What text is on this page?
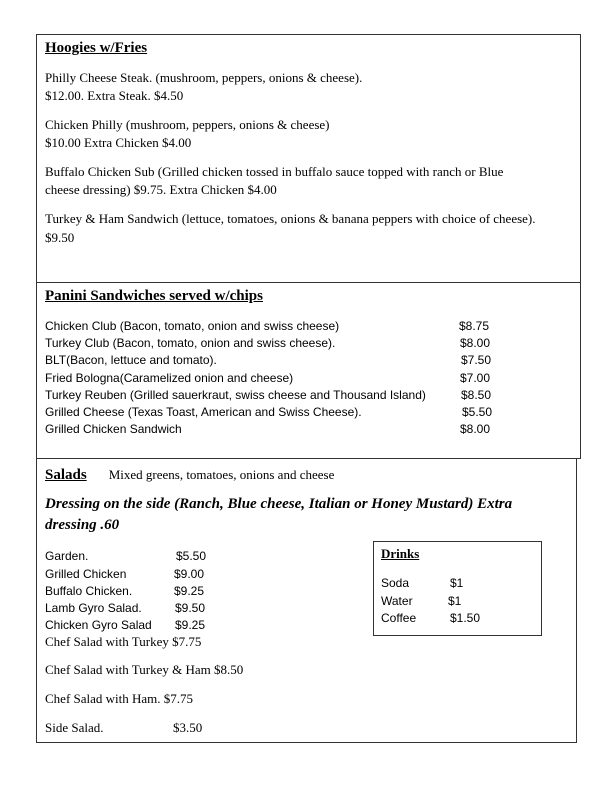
Hoogies w/Fries
Philly Cheese Steak. (mushroom, peppers, onions & cheese).
$12.00. Extra Steak. $4.50
Chicken Philly (mushroom, peppers, onions & cheese)
$10.00 Extra Chicken $4.00
Buffalo Chicken Sub (Grilled chicken tossed in buffalo sauce topped with ranch or Blue
cheese dressing) $9.75. Extra Chicken $4.00
Turkey & Ham Sandwich (lettuce, tomatoes, onions & banana peppers with choice of cheese).
$9.50
Panini Sandwiches served w/chips
Chicken Club (Bacon, tomato, onion and swiss cheese)	$8.75
Turkey Club (Bacon, tomato, onion and swiss cheese).	$8.00
BLT(Bacon, lettuce and tomato).	$7.50
Fried Bologna(Caramelized onion and cheese)	$7.00
Turkey Reuben (Grilled sauerkraut, swiss cheese and Thousand Island)	$8.50
Grilled Cheese (Texas Toast, American and Swiss Cheese).	$5.50
Grilled Chicken Sandwich	$8.00
Salads Mixed greens, tomatoes, onions and cheese
Dressing on the side (Ranch, Blue cheese, Italian or Honey Mustard) Extra
dressing .60
Garden.	$5.50
Grilled Chicken	$9.00
Buffalo Chicken.	$9.25
Lamb Gyro Salad.	$9.50
Chicken Gyro Salad $9.25
Chef Salad with Turkey $7.75
Chef Salad with Turkey & Ham $8.50
Chef Salad with Ham. $7.75
Side Salad.	$3.50
Drinks
Soda	$1
Water	$1
Coffee	$1.50
